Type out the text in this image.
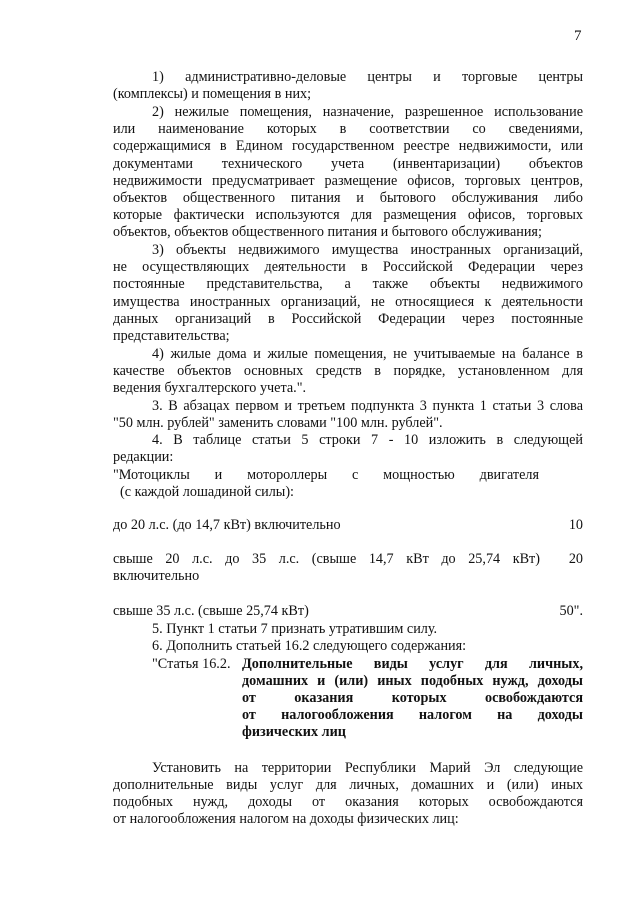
7
1) административно-деловые центры и торговые центры
(комплексы) и помещения в них;
2) нежилые помещения, назначение, разрешенное использование
или наименование которых в соответствии со сведениями,
содержащимися в Едином государственном реестре недвижимости, или
документами технического учета (инвентаризации) объектов
недвижимости предусматривает размещение офисов, торговых центров,
объектов общественного питания и бытового обслуживания либо
которые фактически используются для размещения офисов, торговых
объектов, объектов общественного питания и бытового обслуживания;
3) объекты недвижимого имущества иностранных организаций,
не осуществляющих деятельности в Российской Федерации через
постоянные представительства, а также объекты недвижимого
имущества иностранных организаций, не относящиеся к деятельности
данных организаций в Российской Федерации через постоянные
представительства;
4) жилые дома и жилые помещения, не учитываемые на балансе в
качестве объектов основных средств в порядке, установленном для
ведения бухгалтерского учета.".
3. В абзацах первом и третьем подпункта 3 пункта 1 статьи 3 слова
"50 млн. рублей" заменить словами "100 млн. рублей".
4. В таблице статьи 5 строки 7 - 10 изложить в следующей
редакции:
"Мотоциклы и мотороллеры с мощностью двигателя
(с каждой лошадиной силы):
до 20 л.с. (до 14,7 кВт) включительно
свыше 20 л.с. до 35 л.с. (свыше 14,7 кВт до 25,74 кВт)
включительно
свыше 35 л.с. (свыше 25,74 кВт)
5. Пункт 1 статьи 7 признать утратившим силу.
6. Дополнить статьей 16.2 следующего содержания:
"Статья 16.2. Дополнительные виды услуг для личных,
домашних и (или) иных подобных нужд, доходы
от оказания которых освобождаются
от налогообложения налогом на доходы
физических лиц
Установить на территории Республики Марий Эл следующие
дополнительные виды услуг для личных, домашних и (или) иных
подобных нужд, доходы от оказания которых освобождаются
от налогообложения налогом на доходы физических лиц:
10
20
50".
